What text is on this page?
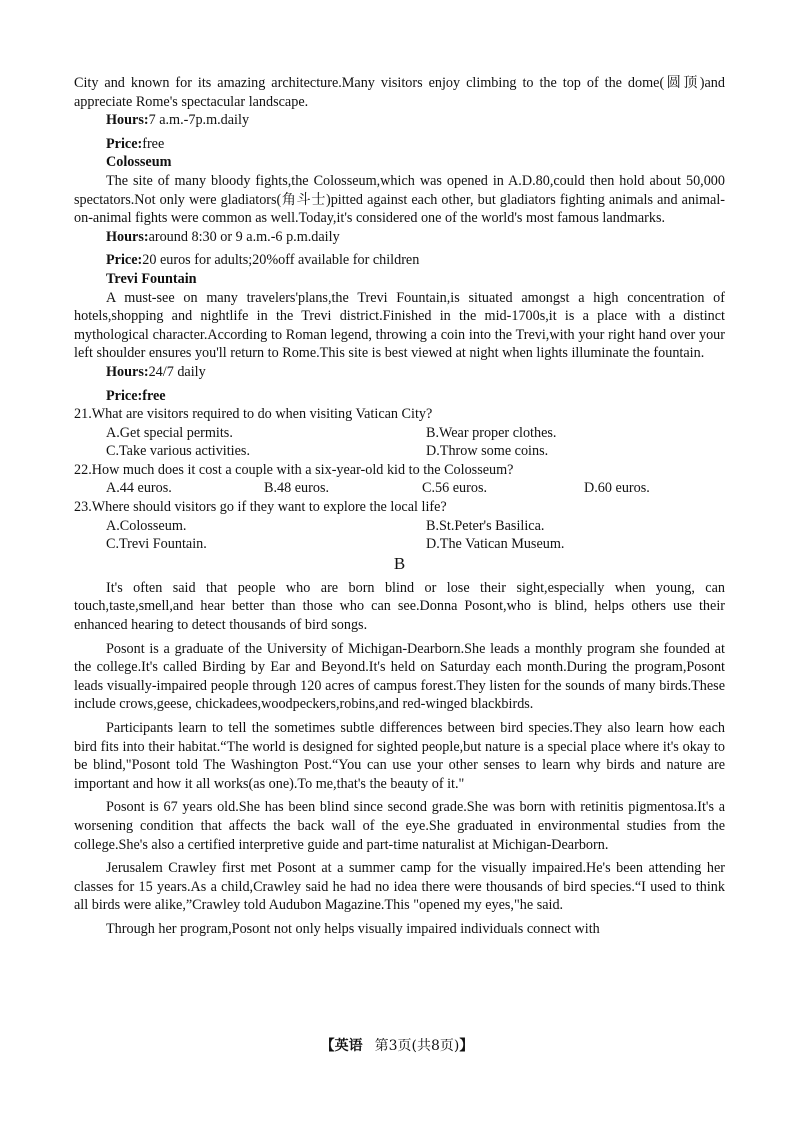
City and known for its amazing architecture.Many visitors enjoy climbing to the top of the dome(圆顶)and appreciate Rome's spectacular landscape.

Hours:7 a.m.-7p.m.daily

Price:free

Colosseum

The site of many bloody fights,the Colosseum,which was opened in A.D.80,could then hold about 50,000 spectators.Not only were gladiators(角斗士)pitted against each other, but gladiators fighting animals and animal-on-animal fights were common as well.Today,it's considered one of the world's most famous landmarks.

Hours:around 8:30 or 9 a.m.-6 p.m.daily

Price:20 euros for adults;20%off available for children

Trevi Fountain

A must-see on many travelers'plans,the Trevi Fountain,is situated amongst a high concentration of hotels,shopping and nightlife in the Trevi district.Finished in the mid-1700s,it is a place with a distinct mythological character.According to Roman legend, throwing a coin into the Trevi,with your right hand over your left shoulder ensures you'll return to Rome.This site is best viewed at night when lights illuminate the fountain.

Hours:24/7 daily

Price:free

21.What are visitors required to do when visiting Vatican City?

A.Get special permits.	B.Wear proper clothes.
C.Take various activities.	D.Throw some coins.

22.How much does it cost a couple with a six-year-old kid to the Colosseum?

A.44 euros.	B.48 euros.	C.56 euros.	D.60 euros.

23.Where should visitors go if they want to explore the local life?

A.Colosseum.	B.St.Peter's Basilica.
C.Trevi Fountain.	D.The Vatican Museum.

B

It's often said that people who are born blind or lose their sight,especially when young, can touch,taste,smell,and hear better than those who can see.Donna Posont,who is blind, helps others use their enhanced hearing to detect thousands of bird songs.

Posont is a graduate of the University of Michigan-Dearborn.She leads a monthly program she founded at the college.It's called Birding by Ear and Beyond.It's held on Saturday each month.During the program,Posont leads visually-impaired people through 120 acres of campus forest.They listen for the sounds of many birds.These include crows,geese, chickadees,woodpeckers,robins,and red-winged blackbirds.

Participants learn to tell the sometimes subtle differences between bird species.They also learn how each bird fits into their habitat.“The world is designed for sighted people,but nature is a special place where it's okay to be blind,"Posont told The Washington Post.“You can use your other senses to learn why birds and nature are important and how it all works(as one).To me,that's the beauty of it."

Posont is 67 years old.She has been blind since second grade.She was born with retinitis pigmentosa.It's a worsening condition that affects the back wall of the eye.She graduated in environmental studies from the college.She's also a certified interpretive guide and part-time naturalist at Michigan-Dearborn.

Jerusalem Crawley first met Posont at a summer camp for the visually impaired.He's been attending her classes for 15 years.As a child,Crawley said he had no idea there were thousands of bird species.“I used to think all birds were alike,”Crawley told Audubon Magazine.This "opened my eyes,"he said.

Through her program,Posont not only helps visually impaired individuals connect with

【英语 第3页(共8页)】
